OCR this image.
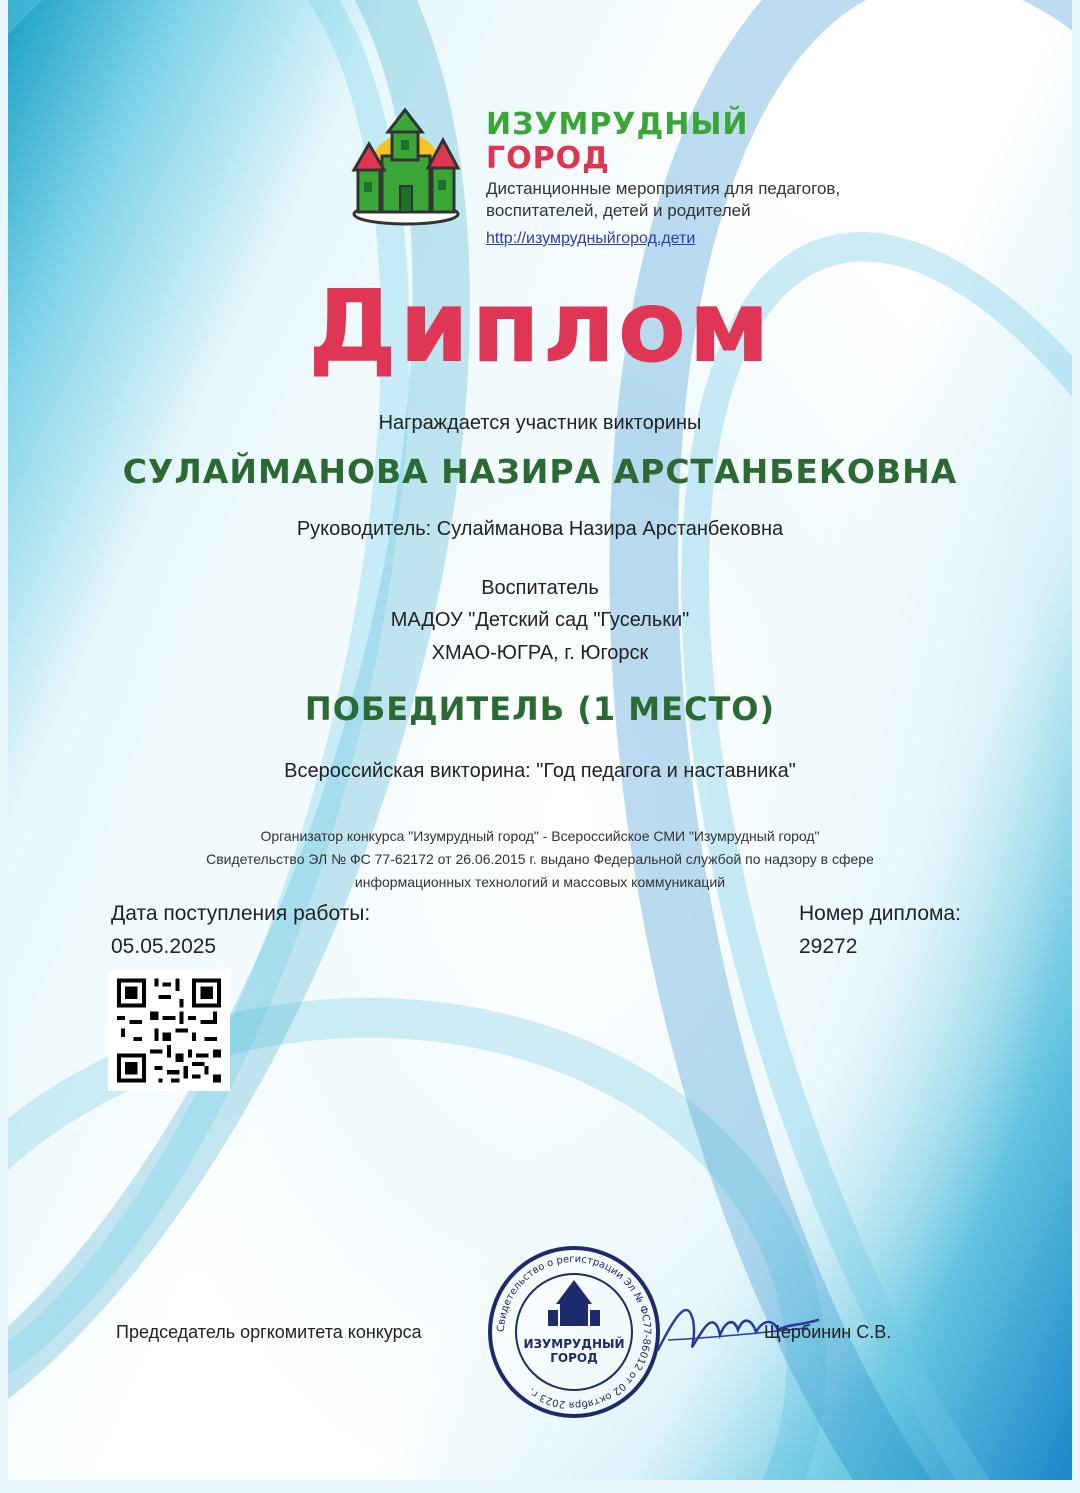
ИЗУМРУДНЫЙ
ГОРОД
Дистанционные мероприятия для педагогов, воспитателей, детей и родителей
http://изумрудныйгород.дети
Диплом
Награждается участник викторины
СУЛАЙМАНОВА НАЗИРА АРСТАНБЕКОВНА
Руководитель: Сулайманова Назира Арстанбековна
Воспитатель
МАДОУ "Детский сад "Гусельки"
ХМАО-ЮГРА, г. Югорск
ПОБЕДИТЕЛЬ (1 МЕСТО)
Всероссийская викторина: "Год педагога и наставника"
Организатор конкурса "Изумрудный город" - Всероссийское СМИ "Изумрудный город"
Свидетельство ЭЛ № ФС 77-62172 от 26.06.2015 г. выдано Федеральной службой по надзору в сфере
информационных технологий и массовых коммуникаций
Дата поступления работы:
05.05.2025
Номер диплома:
29272
Председатель оргкомитета конкурса	Свидетельство о регистрации Эл № ФС77-86012 от 02 октября 2023 г.
ИЗУМРУДНЫЙ
ГОРОД
Щербинин С.В.
